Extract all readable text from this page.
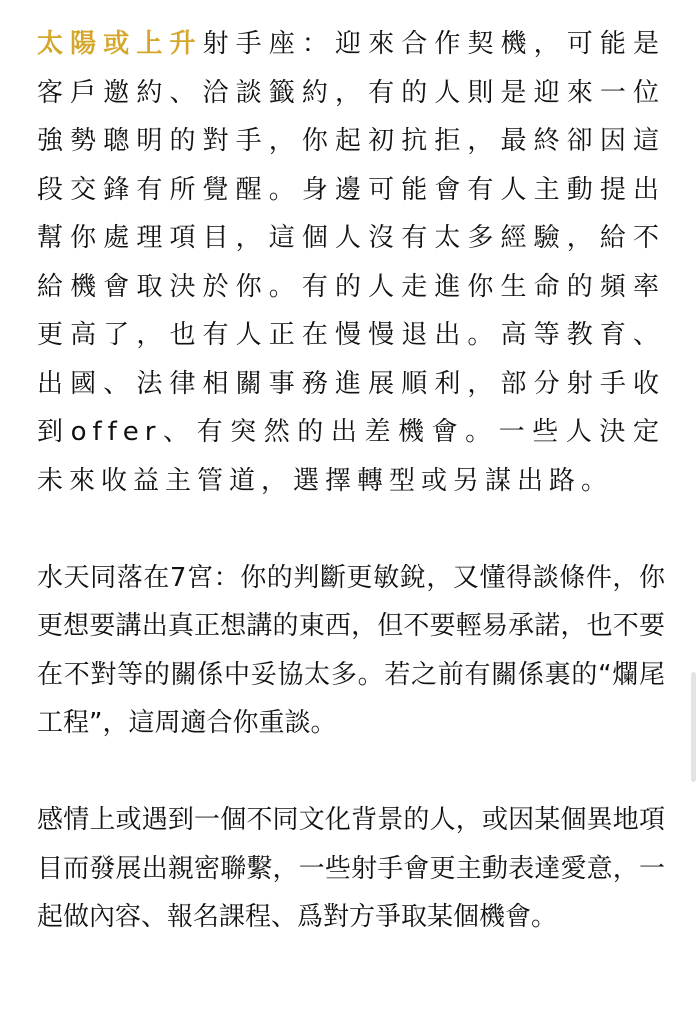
太陽或上升射手座：迎來合作契機，可能是客戶邀約、洽談籤約，有的人則是迎來一位強勢聰明的對手，你起初抗拒，最終卻因這段交鋒有所覺醒。身邊可能會有人主動提出幫你處理項目，這個人沒有太多經驗，給不給機會取決於你。有的人走進你生命的頻率更高了，也有人正在慢慢退出。高等教育、出國、法律相關事務進展順利，部分射手收到offer、有突然的出差機會。一些人決定未來收益主管道，選擇轉型或另謀出路。

水天同落在7宮：你的判斷更敏銳，又懂得談條件，你更想要講出真正想講的東西，但不要輕易承諾，也不要在不對等的關係中妥協太多。若之前有關係裏的“爛尾工程”，這周適合你重談。

感情上或遇到一個不同文化背景的人，或因某個異地項目而發展出親密聯繫，一些射手會更主動表達愛意，一起做內容、報名課程、爲對方爭取某個機會。
